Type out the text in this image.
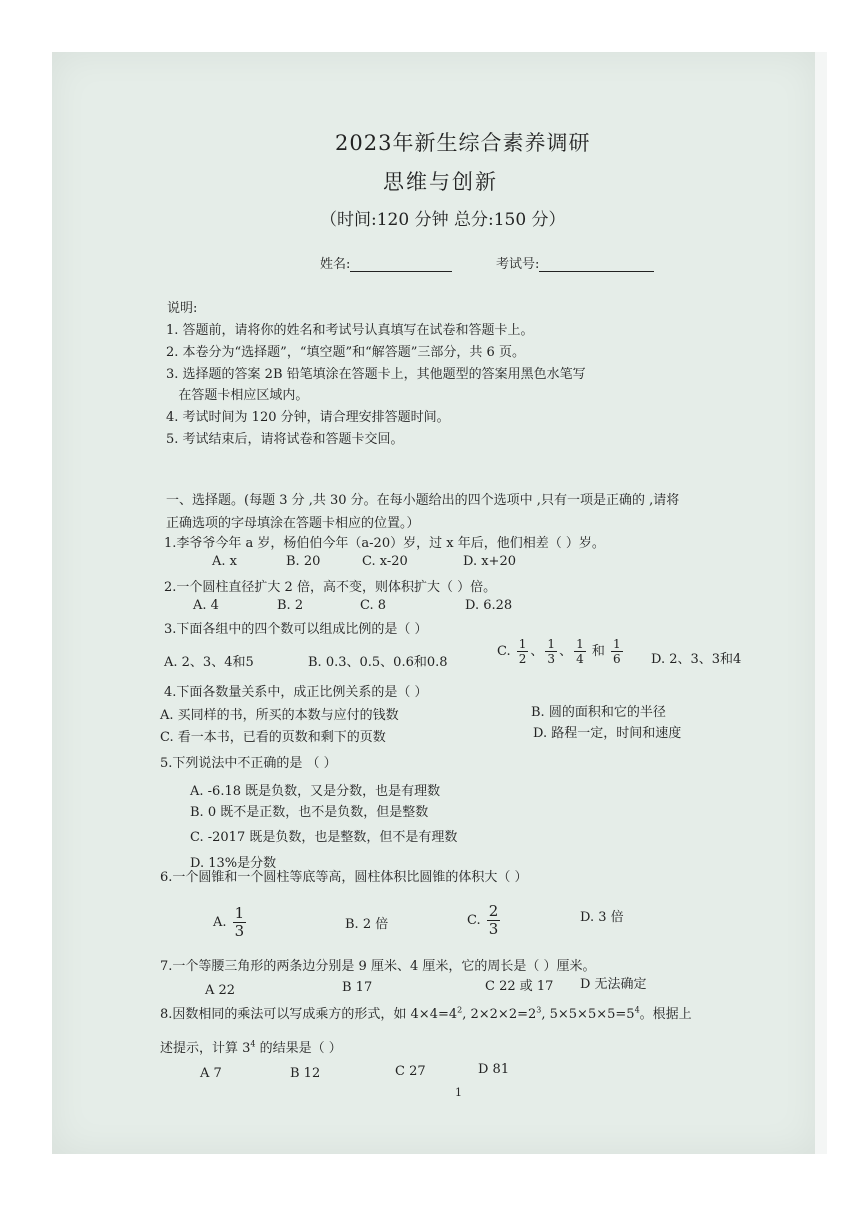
2023年新生综合素养调研
思维与创新
（时间:120 分钟 总分:150 分）
姓名:	考试号:
说明:
1. 答题前，请将你的姓名和考试号认真填写在试卷和答题卡上。
2. 本卷分为“选择题”，“填空题”和“解答题”三部分，共 6 页。
3. 选择题的答案 2B 铅笔填涂在答题卡上，其他题型的答案用黑色水笔写
在答题卡相应区域内。
4. 考试时间为 120 分钟，请合理安排答题时间。
5. 考试结束后，请将试卷和答题卡交回。
一、选择题。(每题 3 分 ,共 30 分。在每小题给出的四个选项中 ,只有一项是正确的 ,请将
正确选项的字母填涂在答题卡相应的位置。）
1.李爷爷今年 a 岁，杨伯伯今年（a-20）岁，过 x 年后，他们相差（ ）岁。
A. x	B. 20	C. x-20	D. x+20
2.一个圆柱直径扩大 2 倍，高不变，则体积扩大（ ）倍。
A. 4	B. 2	C. 8	D. 6.28
3.下面各组中的四个数可以组成比例的是（ ）
A. 2、3、4和5	B. 0.3、0.5、0.6和0.8
C. $\frac{1}{2}$ 、 $\frac{1}{3}$ 、 $\frac{1}{4}$ 和 $\frac{1}{6} D$. 2、3、3和4
4.下面各数量关系中，成正比例关系的是（ ）
A. 买同样的书，所买的本数与应付的钱数	B. 圆的面积和它的半径
C. 看一本书，已看的页数和剩下的页数	D. 路程一定，时间和速度
5.下列说法中不正确的是 （ ）
A. -6.18 既是负数，又是分数，也是有理数
B. 0 既不是正数，也不是负数，但是整数
C. -2017 既是负数，也是整数，但不是有理数
D. 13%是分数
6.一个圆锥和一个圆柱等底等高，圆柱体积比圆锥的体积大（ ）
A. $\frac{1}{3}$	B. 2 倍	C. $\frac{2}{3}$	D. 3 倍
7.一个等腰三角形的两条边分别是 9 厘米、4 厘米，它的周长是（ ）厘米。
A 22	B 17	C 22 或 17 D 无法确定
8.因数相同的乘法可以写成乘方的形式，如 $4\times 4=4^2$, $2\times 2\times 2=2^3$, $5\times 5\times 5\times 5=5^4$。根据上
述提示，计算 $3^4$ 的结果是（ ）
A 7	B 12	C 27	D 81
1
